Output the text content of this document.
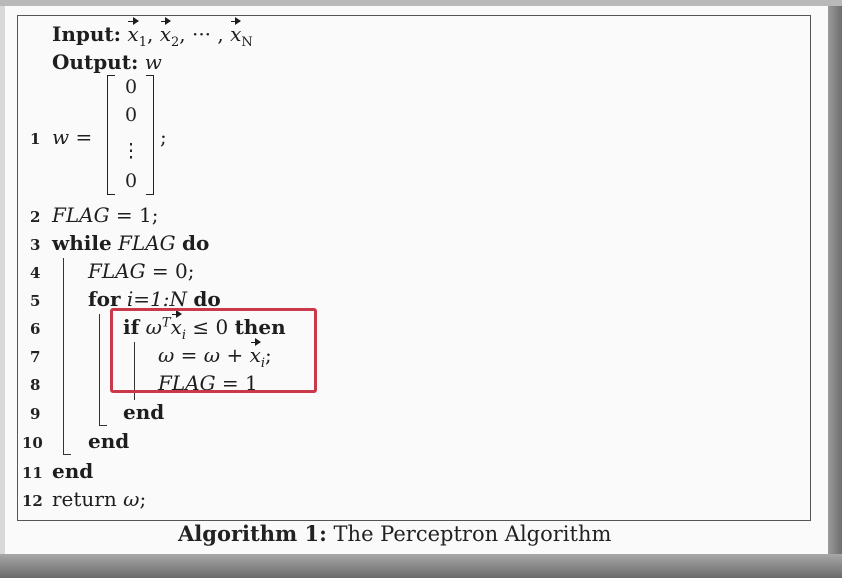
Input: $x_1$, $x_2$, ··· , $x_N$
Output: w
1
2
3
4
5
6
7
8
9
10
11
12
w =
0
0
⋮
0
;
FLAG = 1;
while FLAG do
FLAG = 0;
for i=1:N do
if $\omega^Tx_i \le 0$ then
$\omega = \omega + x_i$;
FLAG = 1
end
end
end
return ω;
Algorithm 1: The Perceptron Algorithm
